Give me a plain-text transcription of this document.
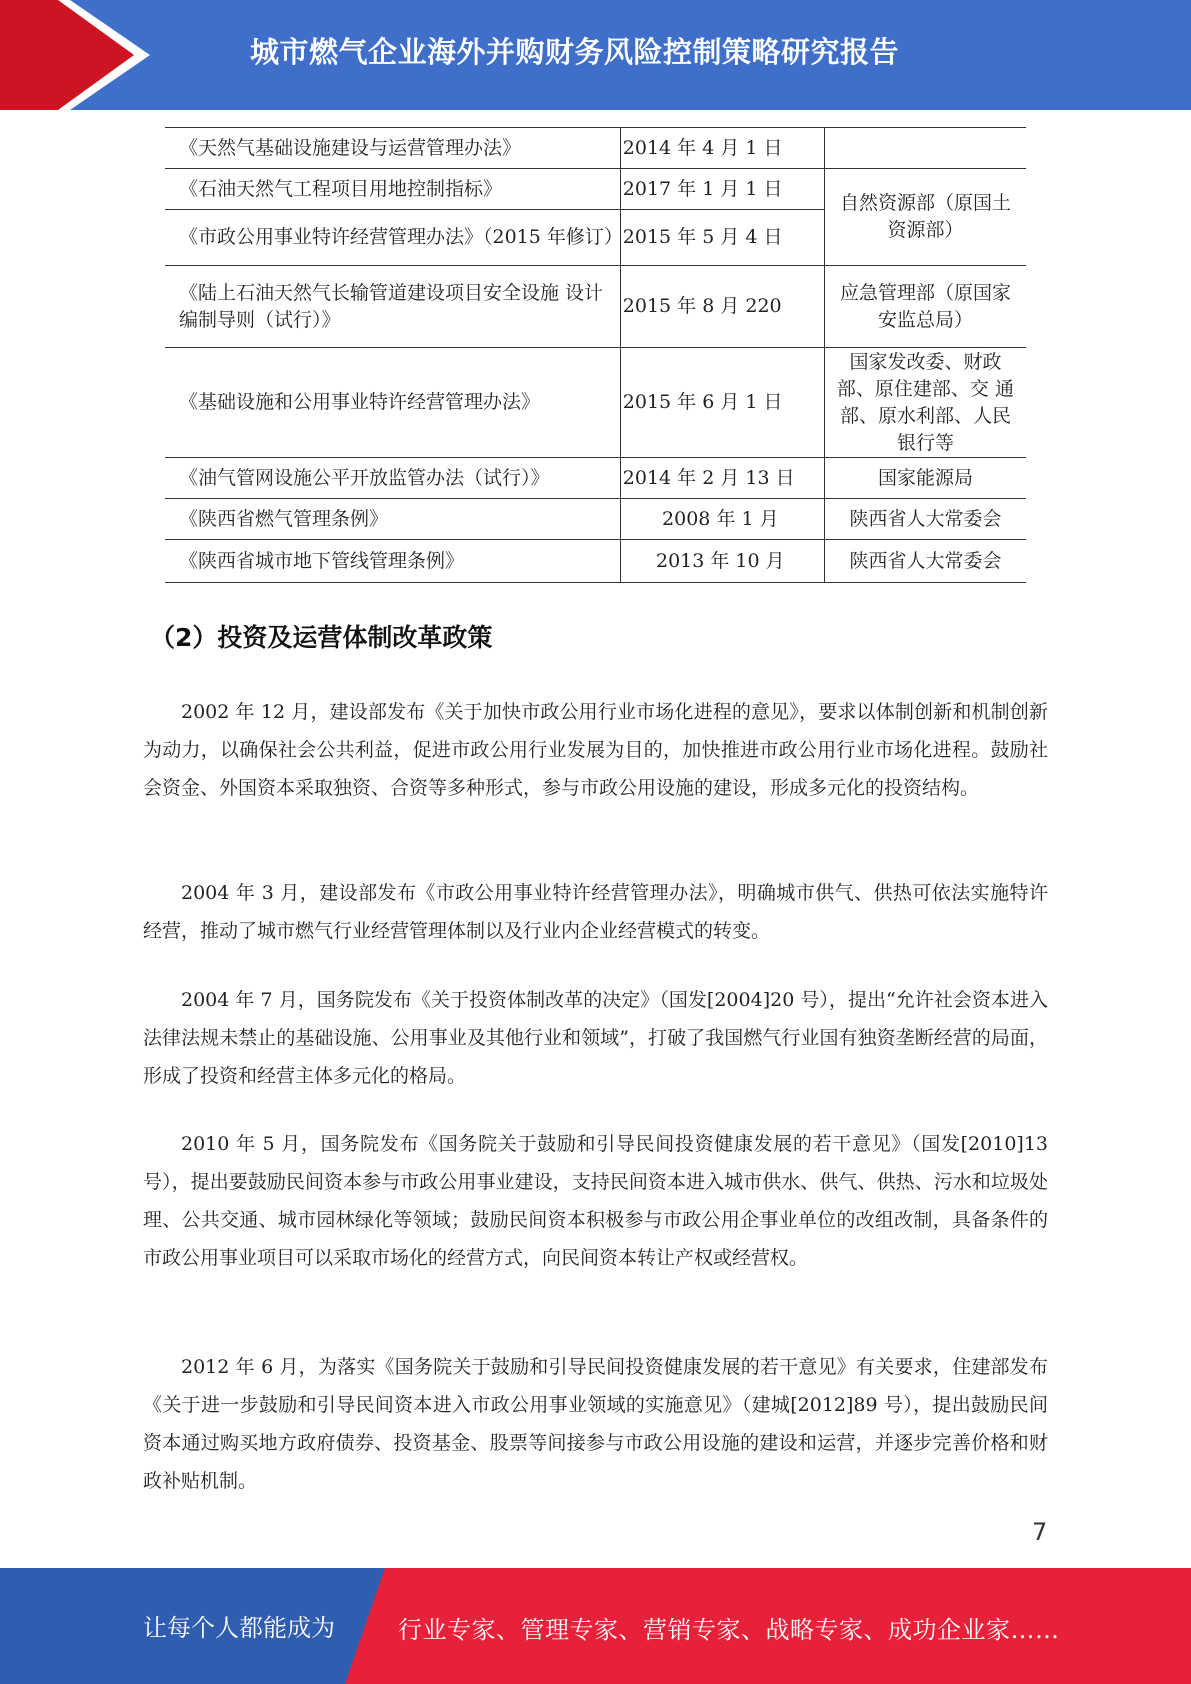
城市燃气企业海外并购财务风险控制策略研究报告
《天然气基础设施建设与运营管理办法》	2014 年 4 月 1 日	
《石油天然气工程项目用地控制指标》	2017 年 1 月 1 日	自然资源部（原国土资源部）
《市政公用事业特许经营管理办法》（2015 年修订）	2015 年 5 月 4 日	
《陆上石油天然气长输管道建设项目安全设施 设计编制导则（试行）》	2015 年 8 月 220	应急管理部（原国家 安监总局）
《基础设施和公用事业特许经营管理办法》	2015 年 6 月 1 日	国家发改委、财政部、原住建部、交 通部、原水利部、人民银行等
《油气管网设施公平开放监管办法（试行）》	2014 年 2 月 13 日	国家能源局
《陕西省燃气管理条例》	2008 年 1 月	陕西省人大常委会
《陕西省城市地下管线管理条例》	2013 年 10 月	陕西省人大常委会
（2）投资及运营体制改革政策

2002 年 12 月，建设部发布《关于加快市政公用行业市场化进程的意见》，要求以体制创新和机制创新为动力，以确保社会公共利益，促进市政公用行业发展为目的，加快推进市政公用行业市场化进程。鼓励社会资金、外国资本采取独资、合资等多种形式，参与市政公用设施的建设，形成多元化的投资结构。

2004 年 3 月，建设部发布《市政公用事业特许经营管理办法》，明确城市供气、供热可依法实施特许经营，推动了城市燃气行业经营管理体制以及行业内企业经营模式的转变。

2004 年 7 月，国务院发布《关于投资体制改革的决定》（国发[2004]20 号），提出“允许社会资本进入法律法规未禁止的基础设施、公用事业及其他行业和领域”，打破了我国燃气行业国有独资垄断经营的局面，形成了投资和经营主体多元化的格局。

2010 年 5 月，国务院发布《国务院关于鼓励和引导民间投资健康发展的若干意见》（国发[2010]13 号），提出要鼓励民间资本参与市政公用事业建设，支持民间资本进入城市供水、供气、供热、污水和垃圾处理、公共交通、城市园林绿化等领域；鼓励民间资本积极参与市政公用企事业单位的改组改制，具备条件的市政公用事业项目可以采取市场化的经营方式，向民间资本转让产权或经营权。

2012 年 6 月，为落实《国务院关于鼓励和引导民间投资健康发展的若干意见》有关要求，住建部发布《关于进一步鼓励和引导民间资本进入市政公用事业领域的实施意见》（建城[2012]89 号），提出鼓励民间资本通过购买地方政府债券、投资基金、股票等间接参与市政公用设施的建设和运营，并逐步完善价格和财政补贴机制。

7
让每个人都能成为	行业专家、管理专家、营销专家、战略专家、成功企业家……
